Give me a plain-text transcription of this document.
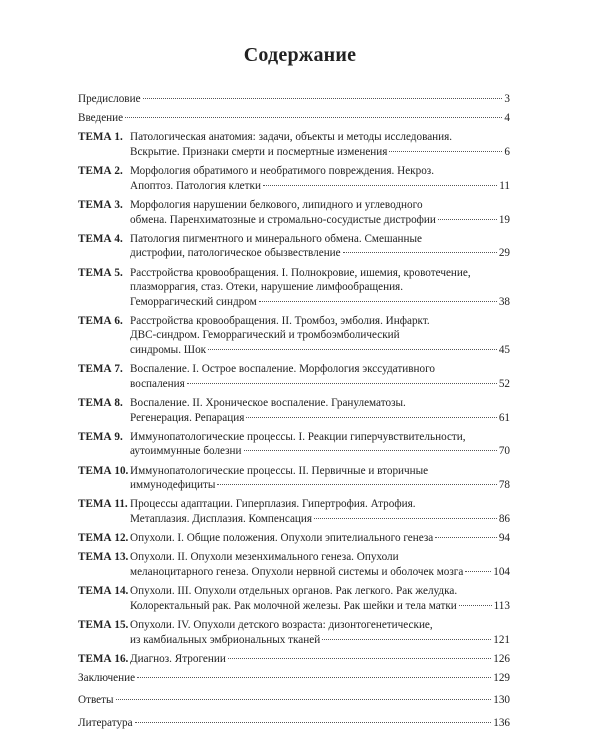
Содержание
Предисловие	3
Введение	4
ТЕМА 1. Патологическая анатомия: задачи, объекты и методы исследования.
Вскрытие. Признаки смерти и посмертные изменения	6
ТЕМА 2. Морфология обратимого и необратимого повреждения. Некроз.
Апоптоз. Патология клетки	11
ТЕМА 3. Морфология нарушении белкового, липидного и углеводного
обмена. Паренхиматозные и стромально-сосудистые дистрофии	19
ТЕМА 4. Патология пигментного и минерального обмена. Смешанные
дистрофии, патологическое обызвествление	29
ТЕМА 5. Расстройства кровообращения. I. Полнокровие, ишемия, кровотечение,
плазморрагия, стаз. Отеки, нарушение лимфообращения.
Геморрагический синдром	38
ТЕМА 6. Расстройства кровообращения. II. Тромбоз, эмболия. Инфаркт.
ДВС-синдром. Геморрагический и тромбоэмболический
синдромы. Шок	45
ТЕМА 7. Воспаление. I. Острое воспаление. Морфология экссудативного
воспаления	52
ТЕМА 8. Воспаление. II. Хроническое воспаление. Гранулематозы.
Регенерация. Репарация	61
ТЕМА 9. Иммунопатологические процессы. I. Реакции гиперчувствительности,
аутоиммунные болезни	70
ТЕМА 10. Иммунопатологические процессы. II. Первичные и вторичные
иммунодефициты	78
ТЕМА 11. Процессы адаптации. Гиперплазия. Гипертрофия. Атрофия.
Метаплазия. Дисплазия. Компенсация	86
ТЕМА 12. Опухоли. I. Общие положения. Опухоли эпителиального генеза	94
ТЕМА 13. Опухоли. II. Опухоли мезенхимального генеза. Опухоли
меланоцитарного генеза. Опухоли нервной системы и оболочек мозга	104
ТЕМА 14. Опухоли. III. Опухоли отдельных органов. Рак легкого. Рак желудка.
Колоректальный рак. Рак молочной железы. Рак шейки и тела матки	113
ТЕМА 15. Опухоли. IV. Опухоли детского возраста: дизонтогенетические,
из камбиальных эмбриональных тканей	121
ТЕМА 16. Диагноз. Ятрогении	126
Заключение	129
Ответы	130
Литература	136
